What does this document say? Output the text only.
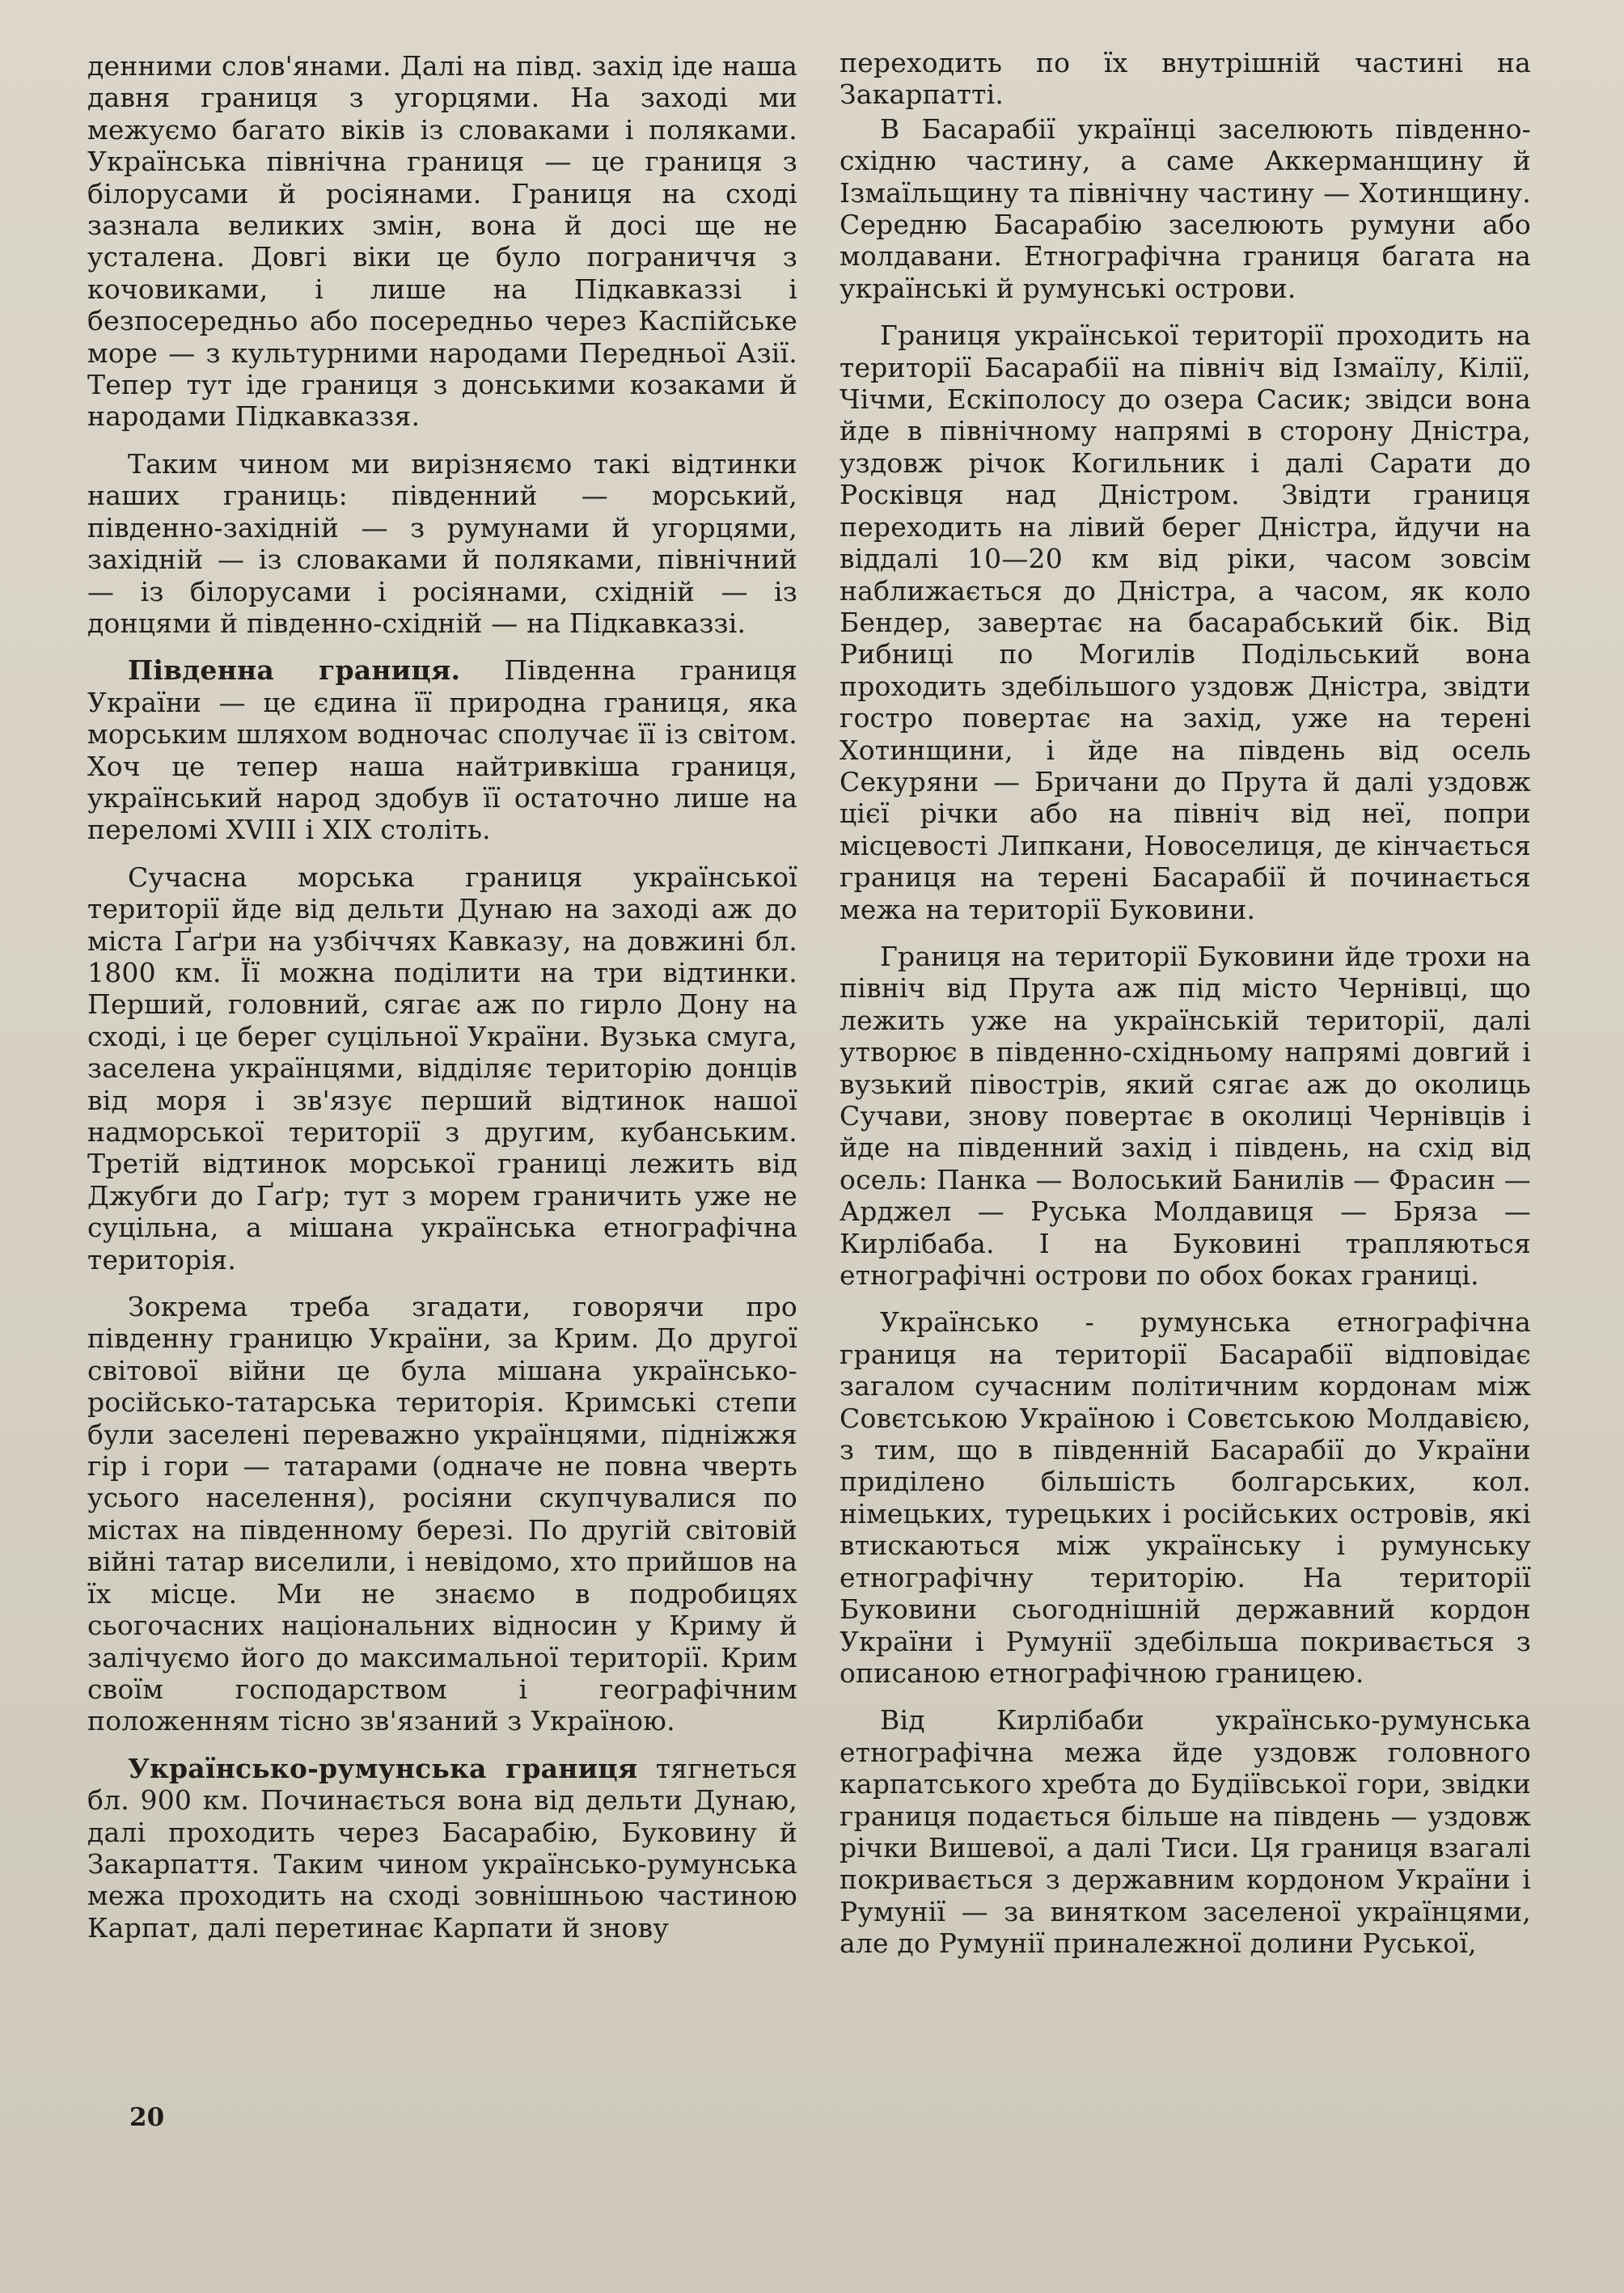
денними слов'янами. Далі на півд. захід іде наша давня границя з угорцями. На заході ми межуємо багато віків із словаками і поляками. Українська північна границя — це границя з білорусами й росіянами. Границя на сході зазнала великих змін, вона й досі ще не усталена. Довгі віки це було пограниччя з кочовиками, і лише на Підкавказзі і безпосередньо або посередньо через Каспійське море — з культурними народами Передньої Азії. Тепер тут іде границя з донськими козаками й народами Підкавказзя.

Таким чином ми вирізняємо такі відтинки наших границь: південний — морський, південно-західній — з румунами й угорцями, західній — із словаками й поляками, північний — із білорусами і росіянами, східній — із донцями й південно-східній — на Підкавказзі.

Південна границя. Південна границя України — це єдина її природна границя, яка морським шляхом водночас сполучає її із світом. Хоч це тепер наша найтривкіша границя, український народ здобув її остаточно лише на переломі XVIII і XIX століть.

Сучасна морська границя української території йде від дельти Дунаю на заході аж до міста Ґаґри на узбіччях Кавказу, на довжині бл. 1800 км. Її можна поділити на три відтинки. Перший, головний, сягає аж по гирло Дону на сході, і це берег суцільної України. Вузька смуга, заселена українцями, відділяє територію донців від моря і зв'язує перший відтинок нашої надморської території з другим, кубанським. Третій відтинок морської границі лежить від Джубги до Ґаґр; тут з морем граничить уже не суцільна, а мішана українська етнографічна територія.

Зокрема треба згадати, говорячи про південну границю України, за Крим. До другої світової війни це була мішана українсько-російсько-татарська територія. Кримські степи були заселені переважно українцями, підніжжя гір і гори — татарами (одначе не повна чверть усього населення), росіяни скупчувалися по містах на південному березі. По другій світовій війні татар виселили, і невідомо, хто прийшов на їх місце. Ми не знаємо в подробицях сьогочасних національних відносин у Криму й залічуємо його до максимальної території. Крим своїм господарством і географічним положенням тісно зв'язаний з Україною.

Українсько-румунська границя тягнеться бл. 900 км. Починається вона від дельти Дунаю, далі проходить через Басарабію, Буковину й Закарпаття. Таким чином українсько-румунська межа проходить на сході зовнішньою частиною Карпат, далі перетинає Карпати й знову

переходить по їх внутрішній частині на Закарпатті.

В Басарабії українці заселюють південно-східню частину, а саме Аккерманщину й Ізмаїльщину та північну частину — Хотинщину. Середню Басарабію заселюють румуни або молдавани. Етнографічна границя багата на українські й румунські острови.

Границя української території проходить на території Басарабії на північ від Ізмаїлу, Кілії, Чічми, Ескіполосу до озера Сасик; звідси вона йде в північному напрямі в сторону Дністра, уздовж річок Когильник і далі Сарати до Росківця над Дністром. Звідти границя переходить на лівий берег Дністра, йдучи на віддалі 10—20 км від ріки, часом зовсім наближається до Дністра, а часом, як коло Бендер, завертає на басарабський бік. Від Рибниці по Могилів Подільський вона проходить здебільшого уздовж Дністра, звідти гостро повертає на захід, уже на терені Хотинщини, і йде на південь від осель Секуряни — Бричани до Прута й далі уздовж цієї річки або на північ від неї, попри місцевості Липкани, Новоселиця, де кінчається границя на терені Басарабії й починається межа на території Буковини.

Границя на території Буковини йде трохи на північ від Прута аж під місто Чернівці, що лежить уже на українській території, далі утворює в південно-східньому напрямі довгий і вузький півострів, який сягає аж до околиць Сучави, знову повертає в околиці Чернівців і йде на південний захід і південь, на схід від осель: Панка — Волоський Банилів — Фрасин — Арджел — Руська Молдавиця — Бряза — Кирлібаба. І на Буковині трапляються етнографічні острови по обох боках границі.

Українсько - румунська етнографічна границя на території Басарабії відповідає загалом сучасним політичним кордонам між Совєтською Україною і Совєтською Молдавією, з тим, що в південній Басарабії до України приділено більшість болгарських, кол. німецьких, турецьких і російських островів, які втискаються між українську і румунську етнографічну територію. На території Буковини сьогоднішній державний кордон України і Румунії здебільша покривається з описаною етнографічною границею.

Від Кирлібаби українсько-румунська етнографічна межа йде уздовж головного карпатського хребта до Будіївської гори, звідки границя подається більше на південь — уздовж річки Вишевої, а далі Тиси. Ця границя взагалі покривається з державним кордоном України і Румунії — за винятком заселеної українцями, але до Румунії приналежної долини Руської,

20
